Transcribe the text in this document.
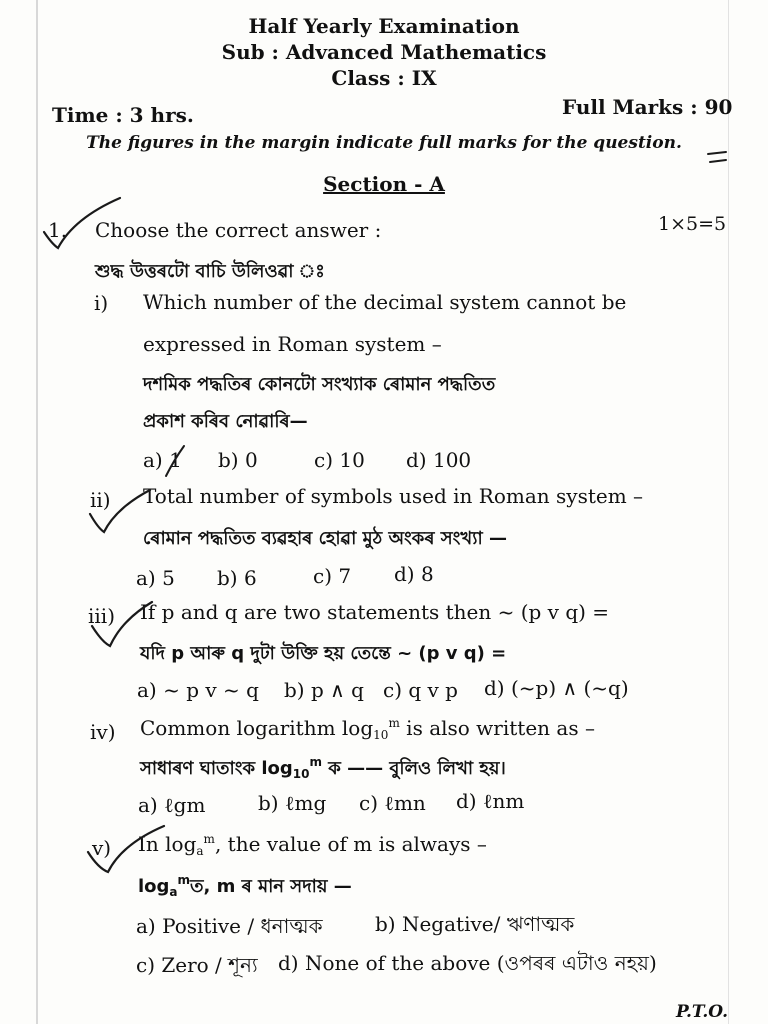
Half Yearly Examination
Sub : Advanced Mathematics
Class : IX
Time : 3 hrs.	Full Marks : 90
The figures in the margin indicate full marks for the question.
Section - A
1. Choose the correct answer :	1×5=5
শুদ্ধ উত্তৰটো বাচি উলিওৱা ঃ
i) Which number of the decimal system cannot be
expressed in Roman system –
দশমিক পদ্ধতিৰ কোনটো সংখ্যাক ৰোমান পদ্ধতিত
প্ৰকাশ কৰিব নোৱাৰি—
a) 1 b) 0	c) 10 d) 100
ii) Total number of symbols used in Roman system –
ৰোমান পদ্ধতিত ব্যৱহাৰ হোৱা মুঠ অংকৰ সংখ্যা —
a) 5 b) 6	c) 7 d) 8
iii) If p and q are two statements then ~ (p v q) =
যদি p আৰু q দুটা উক্তি হয় তেন্তে ~ (p v q) =
a) ~ p v ~ q b) p ∧ q c) q v p d) (~p) ∧ (~q)
iv) Common logarithm $\log_{10}^m$ is also written as –
সাধাৰণ ঘাতাংক $\log_{10}^m$ ক —— বুলিও লিখা হয়।
a) ℓgm	b) ℓmg c) ℓmn d) ℓnm
v) In $\log_a^m$, the value of m is always –
$\log_a^mত$, m ৰ মান সদায় —
a) Positive / ধনাত্মক	b) Negative/ ঋণাত্মক
c) Zero / শূন্য d) None of the above (ওপৰৰ এটাও নহয়)
P.T.O.
